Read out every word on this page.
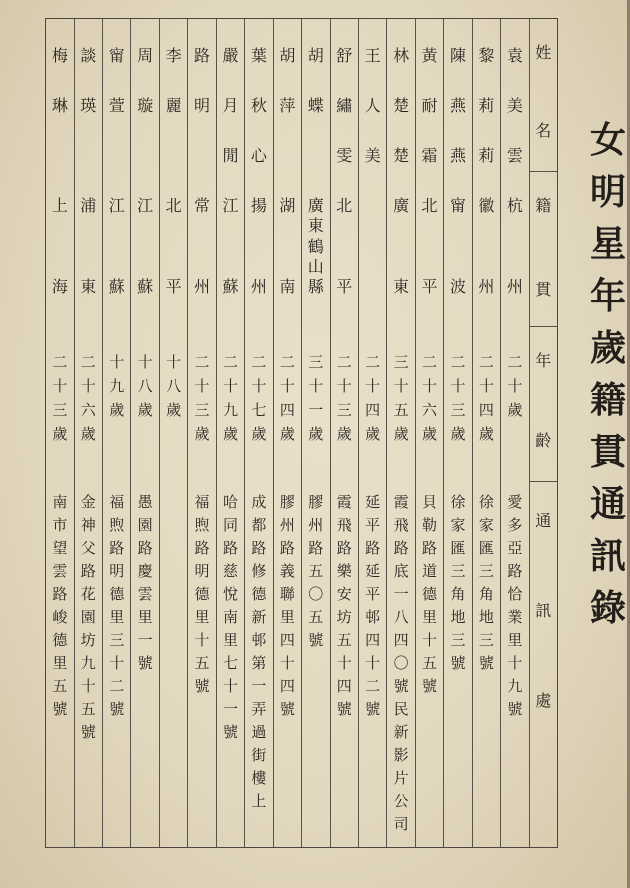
女
明
星
年
歲
籍
貫
通
訊
錄
姓
名
籍
貫
年
齡
通
訊
處
袁
美
雲
杭
州
二
十
歲
愛
多
亞
路
恰
業
里
十
九
號
黎
莉
莉
徽
州
二
十
四
歲
徐
家
匯
三
角
地
三
號
陳
燕
燕
甯
波
二
十
三
歲
徐
家
匯
三
角
地
三
號
黃
耐
霜
北
平
二
十
六
歲
貝
勒
路
道
德
里
十
五
號
林
楚
楚
廣
東
三
十
五
歲
霞
飛
路
底
一
八
四
〇
號
民
新
影
片
公
司
王
人
美
二
十
四
歲
延
平
路
延
平
邨
四
十
二
號
舒
繡
雯
北
平
二
十
三
歲
霞
飛
路
樂
安
坊
五
十
四
號
胡
蝶
廣
東
鶴
山
縣
三
十
一
歲
膠
州
路
五
〇
五
號
胡
萍
湖
南
二
十
四
歲
膠
州
路
義
聯
里
四
十
四
號
葉
秋
心
揚
州
二
十
七
歲
成
都
路
修
德
新
邨
第
一
弄
過
街
樓
上
嚴
月
閒
江
蘇
二
十
九
歲
哈
同
路
慈
悅
南
里
七
十
一
號
路
明
常
州
二
十
三
歲
福
煦
路
明
德
里
十
五
號
李
麗
北
平
十
八
歲
周
璇
江
蘇
十
八
歲
愚
園
路
慶
雲
里
一
號
甯
萱
江
蘇
十
九
歲
福
煦
路
明
德
里
三
十
二
號
談
瑛
浦
東
二
十
六
歲
金
神
父
路
花
園
坊
九
十
五
號
梅
琳
上
海
二
十
三
歲
南
市
望
雲
路
峻
德
里
五
號
